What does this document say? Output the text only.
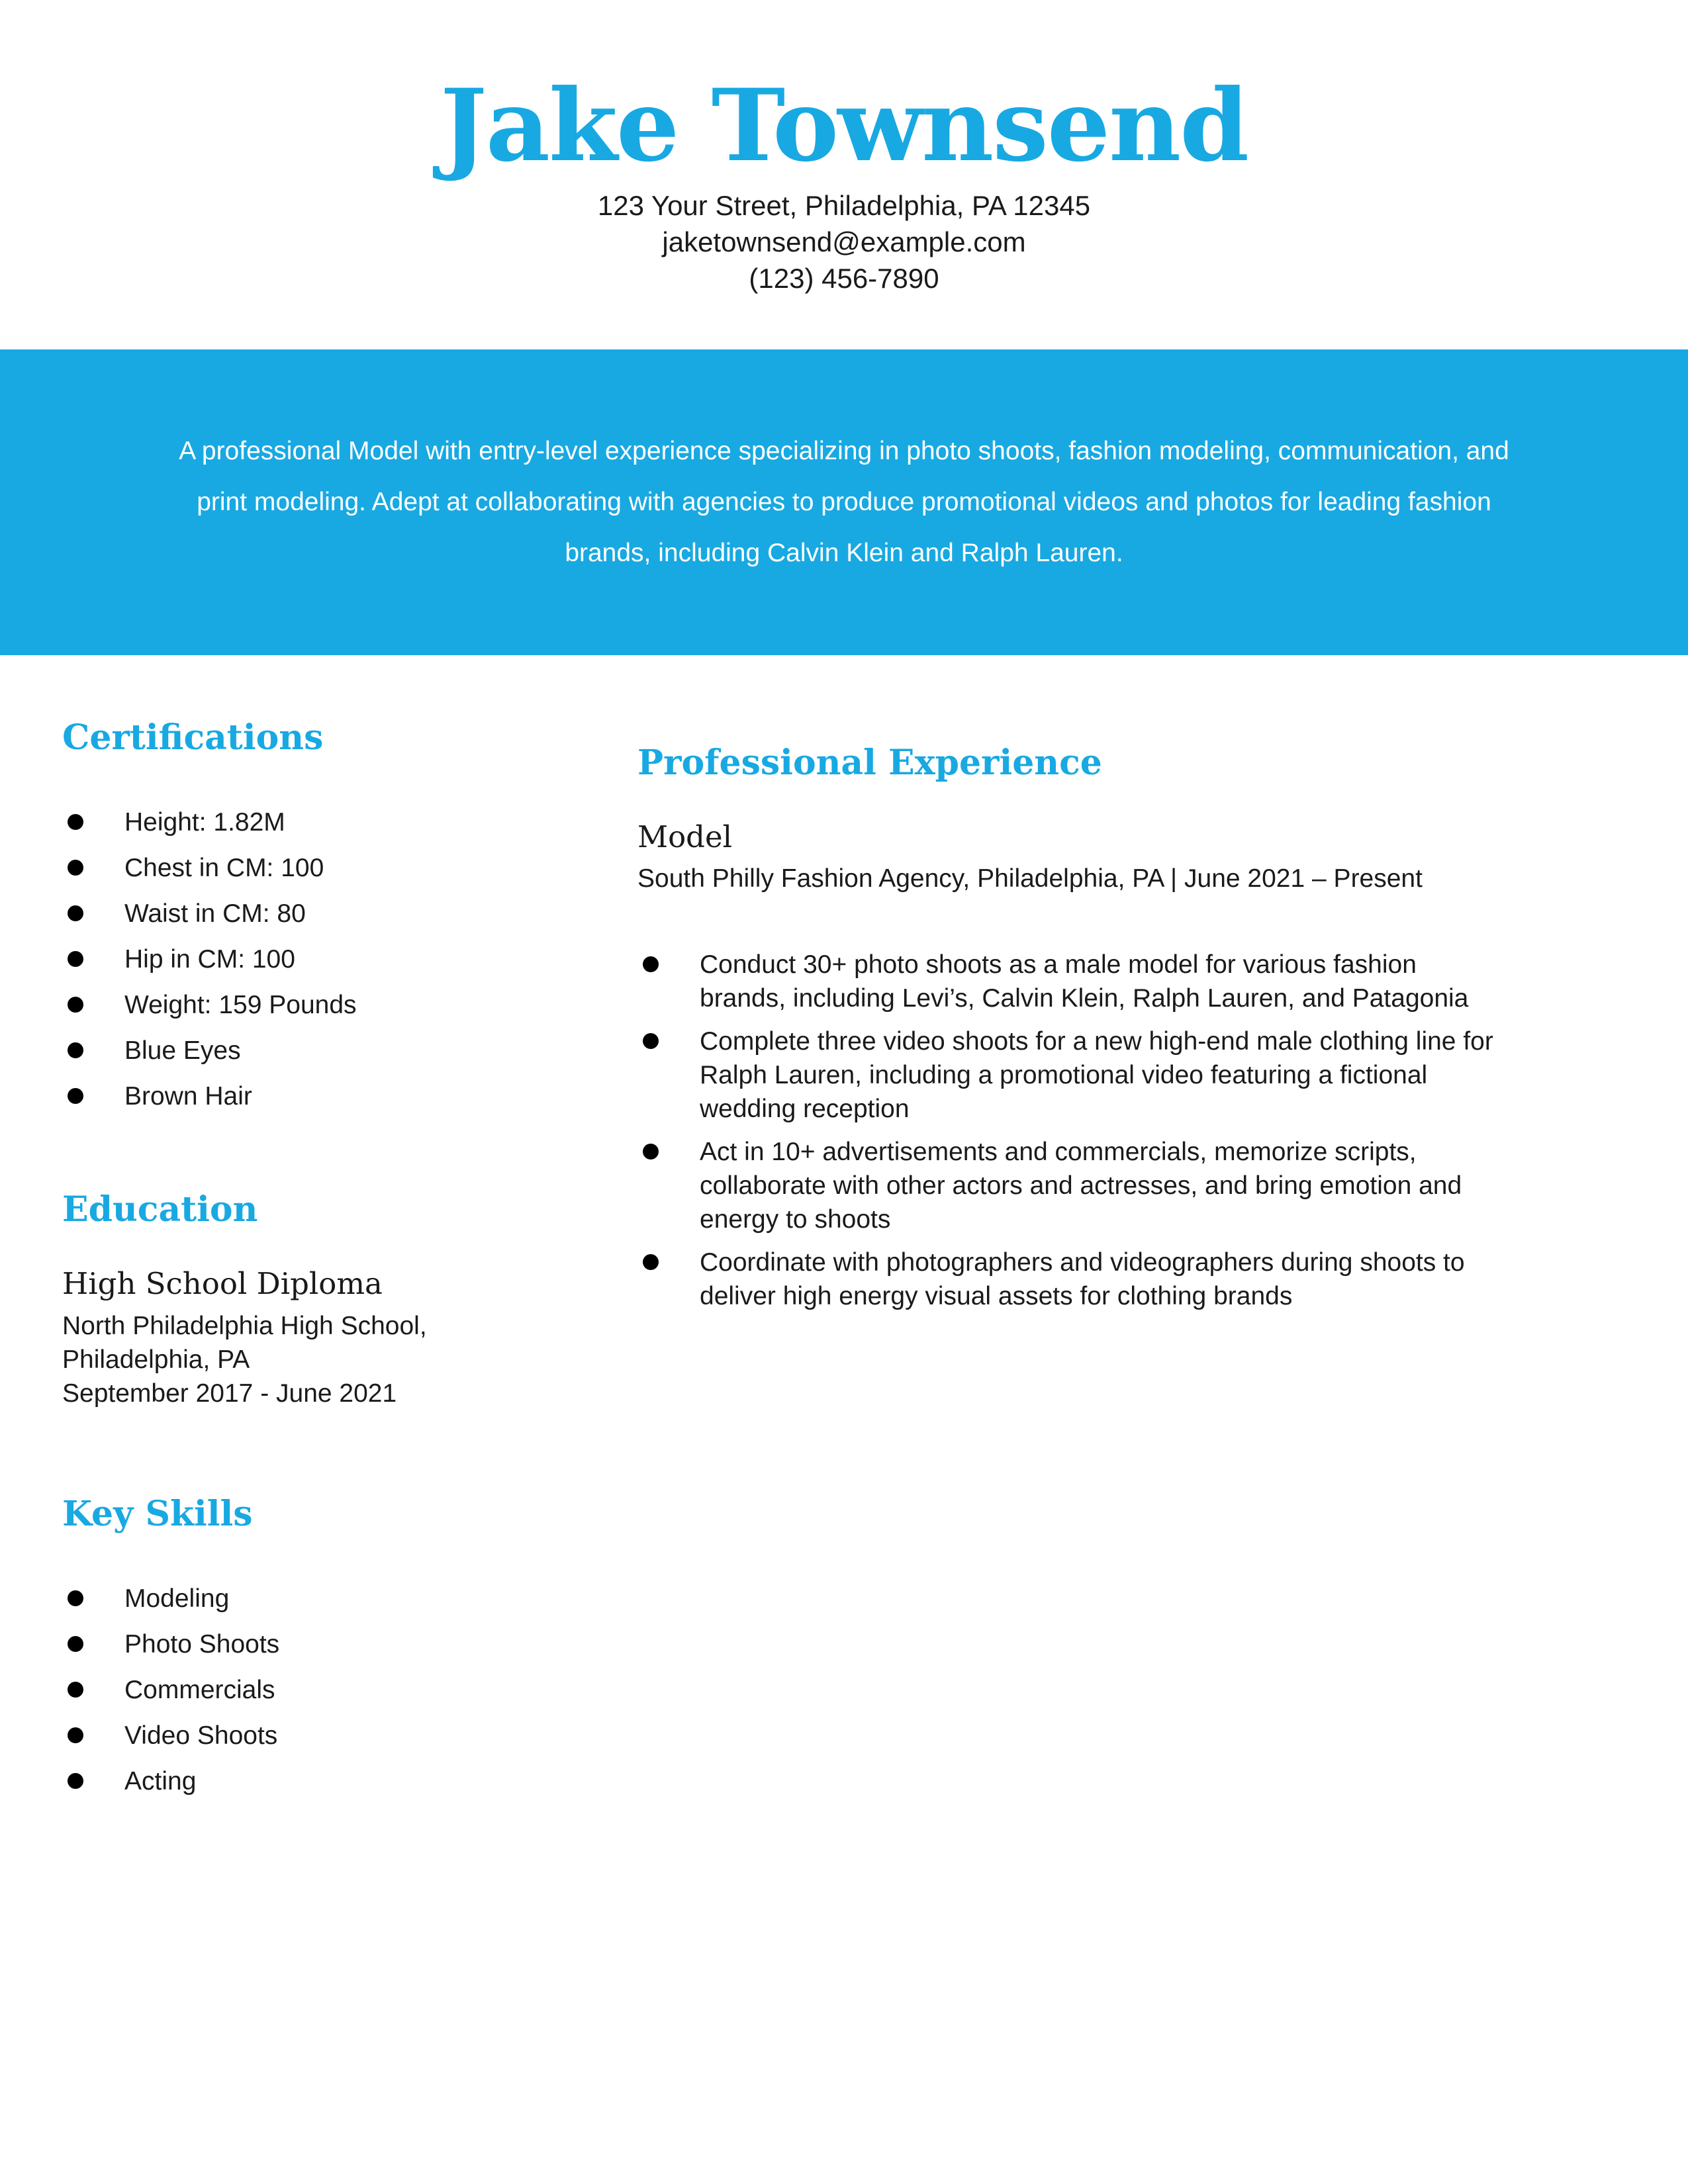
Jake Townsend
123 Your Street, Philadelphia, PA 12345
jaketownsend@example.com
(123) 456-7890

A professional Model with entry-level experience specializing in photo shoots, fashion modeling, communication, and print modeling. Adept at collaborating with agencies to produce promotional videos and photos for leading fashion brands, including Calvin Klein and Ralph Lauren.

Certifications
Height: 1.82M
Chest in CM: 100
Waist in CM: 80
Hip in CM: 100
Weight: 159 Pounds
Blue Eyes
Brown Hair
Education
High School Diploma
North Philadelphia High School,
Philadelphia, PA
September 2017 - June 2021
Key Skills
Modeling
Photo Shoots
Commercials
Video Shoots
Acting
Professional Experience
Model
South Philly Fashion Agency, Philadelphia, PA | June 2021 – Present
Conduct 30+ photo shoots as a male model for various fashion brands, including Levi’s, Calvin Klein, Ralph Lauren, and Patagonia
Complete three video shoots for a new high-end male clothing line for Ralph Lauren, including a promotional video featuring a fictional wedding reception
Act in 10+ advertisements and commercials, memorize scripts, collaborate with other actors and actresses, and bring emotion and energy to shoots
Coordinate with photographers and videographers during shoots to deliver high energy visual assets for clothing brands
